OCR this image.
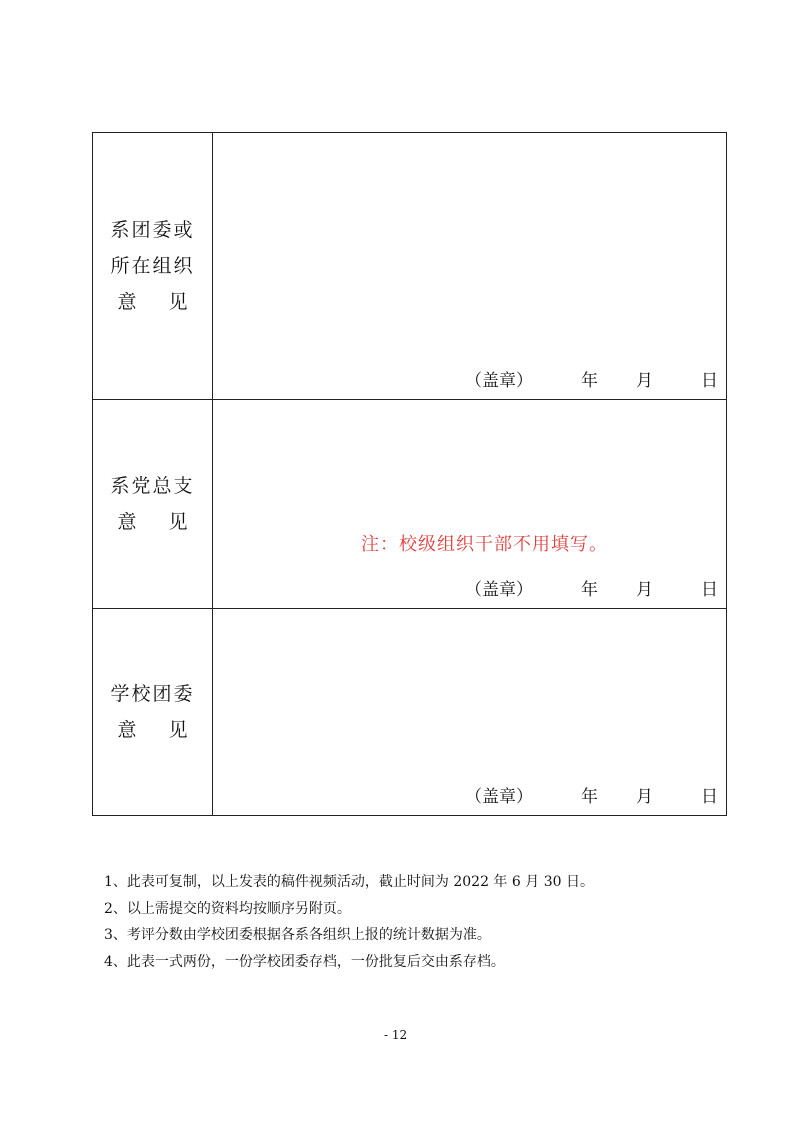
系团委或
所在组织
意 见
（盖章）	年 月	日
系党总支
意 见
注：校级组织干部不用填写。
（盖章）	年 月	日
学校团委
意 见
（盖章）	年 月	日
1、此表可复制，以上发表的稿件视频活动，截止时间为 2022 年 6 月 30 日。
2、以上需提交的资料均按顺序另附页。
3、考评分数由学校团委根据各系各组织上报的统计数据为准。
4、此表一式两份，一份学校团委存档，一份批复后交由系存档。
- 12
